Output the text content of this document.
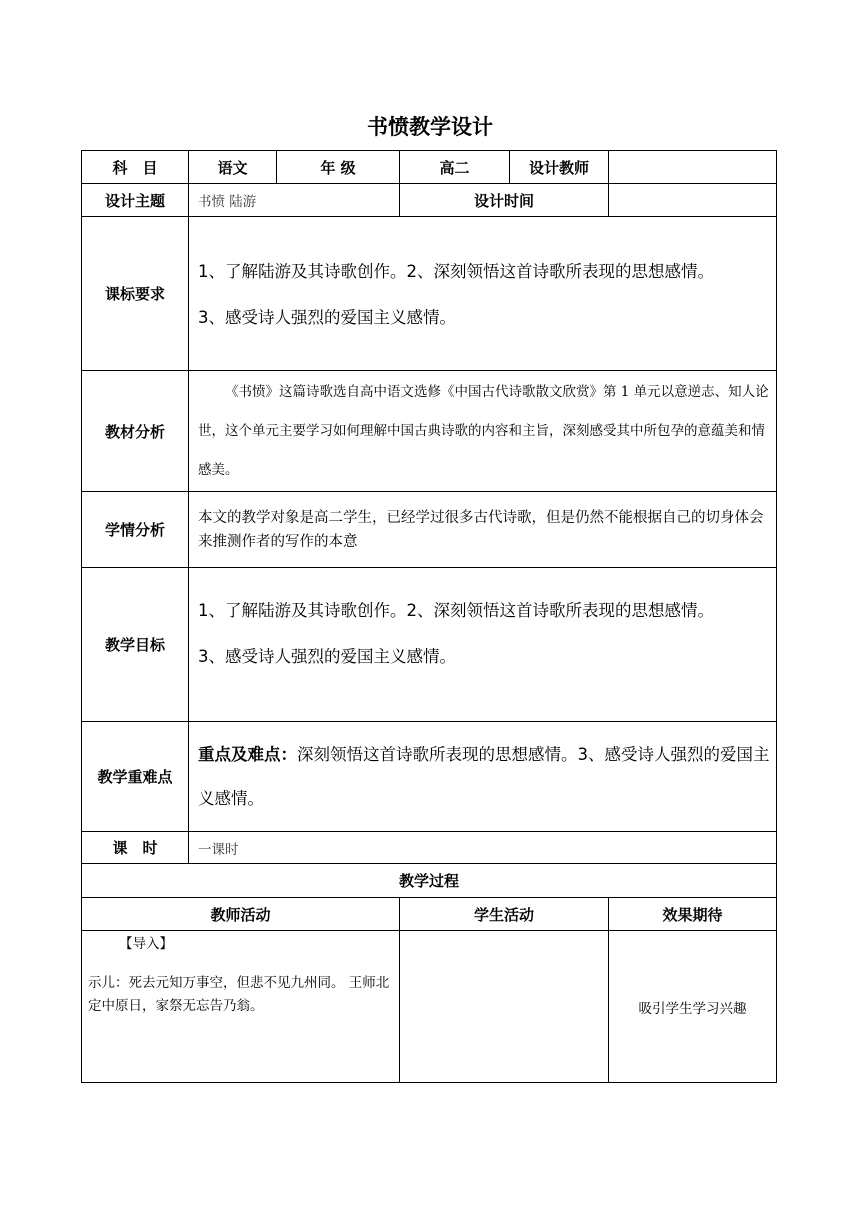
书愤教学设计
科　目	语文	年 级	高二	设计教师	
设计主题	书愤 陆游		设计时间		
课标要求	1、了解陆游及其诗歌创作。2、深刻领悟这首诗歌所表现的思想感情。

3、感受诗人强烈的爱国主义感情。				

教材分析	《书愤》这篇诗歌选自高中语文选修《中国古代诗歌散文欣赏》第 1 单元以意逆志、知人论世，这个单元主要学习如何理解中国古典诗歌的内容和主旨，深刻感受其中所包孕的意蕴美和情感美。				
学情分析	本文的教学对象是高二学生，已经学过很多古代诗歌，但是仍然不能根据自己的切身体会来推测作者的写作的本意				
教学目标	1、了解陆游及其诗歌创作。2、深刻领悟这首诗歌所表现的思想感情。

3、感受诗人强烈的爱国主义感情。				

教学重难点	重点及难点：深刻领悟这首诗歌所表现的思想感情。3、感受诗人强烈的爱国主义感情。				
课　时	一课时				
教学过程					
教师活动			学生活动		效果期待

【导入】
示儿：死去元知万事空，但悲不见九州同。 王师北定中原日，家祭无忘告乃翁。					吸引学生学习兴趣
